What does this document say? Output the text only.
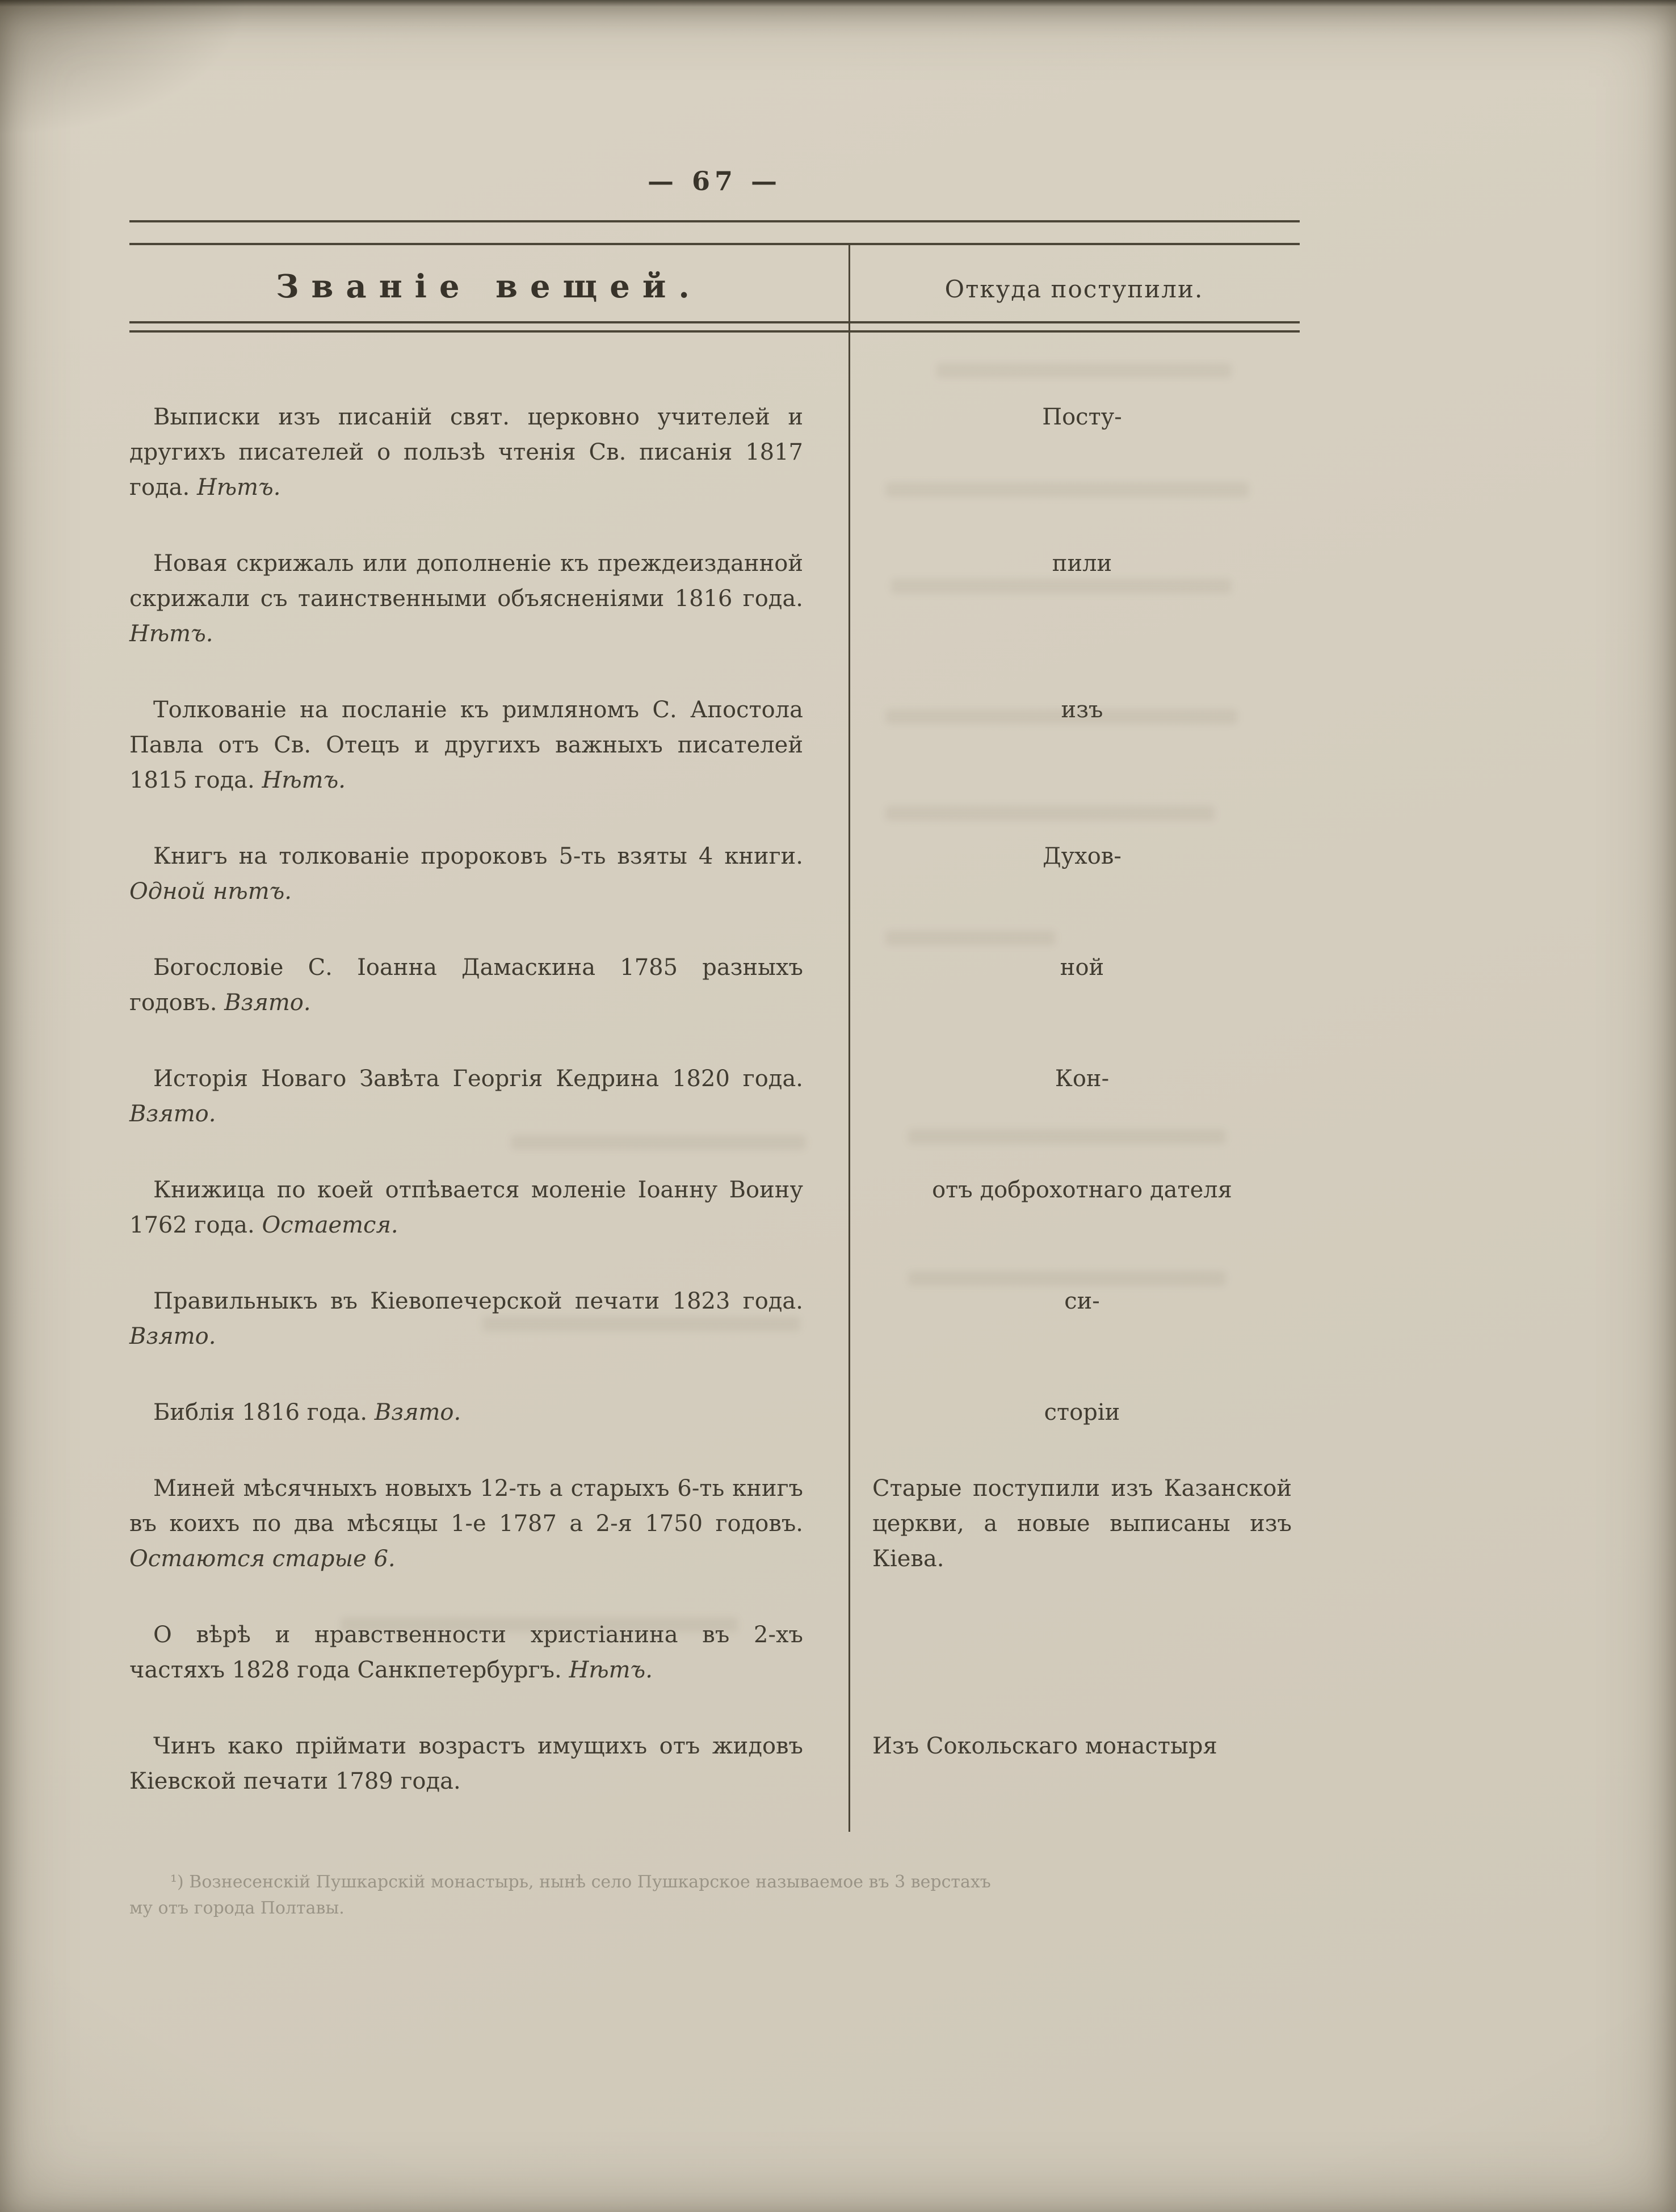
— 67 —
Званіе вещей.	Откуда поступили.
Выписки изъ писаній свят. церковно учителей и другихъ писателей о пользѣ чтенія Св. писанія 1817 года. Нѣтъ.
Посту-
Новая скрижаль или дополненіе къ преждеизданной скрижали съ таинственными объясненіями 1816 года. Нѣтъ.
пили
Толкованіе на посланіе къ римляномъ С. Апостола Павла отъ Св. Отецъ и другихъ важныхъ писателей 1815 года. Нѣтъ.
изъ
Книгъ на толкованіе пророковъ 5-ть взяты 4 книги. Одной нѣтъ.
Духов-
Богословіе С. Іоанна Дамаскина 1785 разныхъ годовъ. Взято.
ной
Исторія Новаго Завѣта Георгія Кедрина 1820 года. Взято.
Кон-
Книжица по коей отпѣвается моленіе Іоанну Воину 1762 года. Остается.
отъ доброхотнаго дателя
Правильныкъ въ Кіевопечерской печати 1823 года. Взято.
си-
Библія 1816 года. Взято.	сторіи
Миней мѣсячныхъ новыхъ 12-ть а старыхъ 6-ть книгъ въ коихъ по два мѣсяцы 1-е 1787 а 2-я 1750 годовъ. Остаются старые 6.
Старые поступили изъ Казанской церкви, а новые выписаны изъ Кіева.
О вѣрѣ и нравственности христіанина въ 2-хъ частяхъ 1828 года Санкпетербургъ. Нѣтъ.
Чинъ како пріймати возрастъ имущихъ отъ жидовъ Кіевской печати 1789 года.
Изъ Сокольскаго монастыря
¹) Вознесенскій Пушкарскій монастырь, нынѣ село Пушкарское называемое въ 3 верстахъ
му отъ города Полтавы.
